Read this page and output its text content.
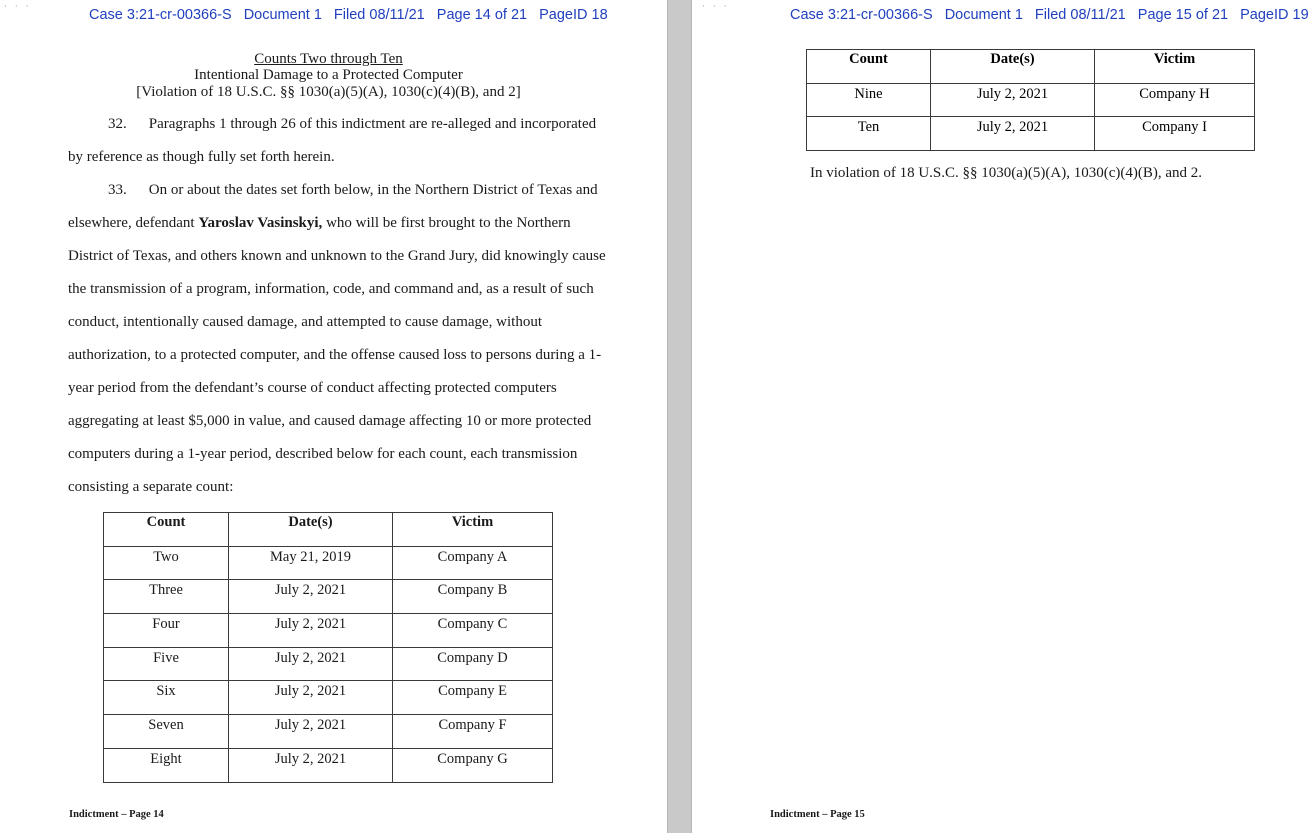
···	Case 3:21-cr-00366-S Document 1 Filed 08/11/21 Page 14 of 21 PageID 18
Counts Two through Ten
Intentional Damage to a Protected Computer
[Violation of 18 U.S.C. §§ 1030(a)(5)(A), 1030(c)(4)(B), and 2]
32. Paragraphs 1 through 26 of this indictment are re-alleged and incorporated
by reference as though fully set forth herein.
33. On or about the dates set forth below, in the Northern District of Texas and
elsewhere, defendant Yaroslav Vasinskyi, who will be first brought to the Northern
District of Texas, and others known and unknown to the Grand Jury, did knowingly cause
the transmission of a program, information, code, and command and, as a result of such
conduct, intentionally caused damage, and attempted to cause damage, without
authorization, to a protected computer, and the offense caused loss to persons during a 1-
year period from the defendant’s course of conduct affecting protected computers
aggregating at least $5,000 in value, and caused damage affecting 10 or more protected
computers during a 1-year period, described below for each count, each transmission
consisting a separate count:
Count	Date(s)	Victim
Two	May 21, 2019	Company A
Three	July 2, 2021	Company B
Four	July 2, 2021	Company C
Five	July 2, 2021	Company D
Six	July 2, 2021	Company E
Seven	July 2, 2021	Company F
Eight	July 2, 2021	Company G
Indictment – Page 14
···	Case 3:21-cr-00366-S Document 1 Filed 08/11/21 Page 15 of 21 PageID 19
Indictment – Page 15
Count	Date(s)	Victim
Nine	July 2, 2021	Company H
Ten	July 2, 2021	Company I
In violation of 18 U.S.C. §§ 1030(a)(5)(A), 1030(c)(4)(B), and 2.
